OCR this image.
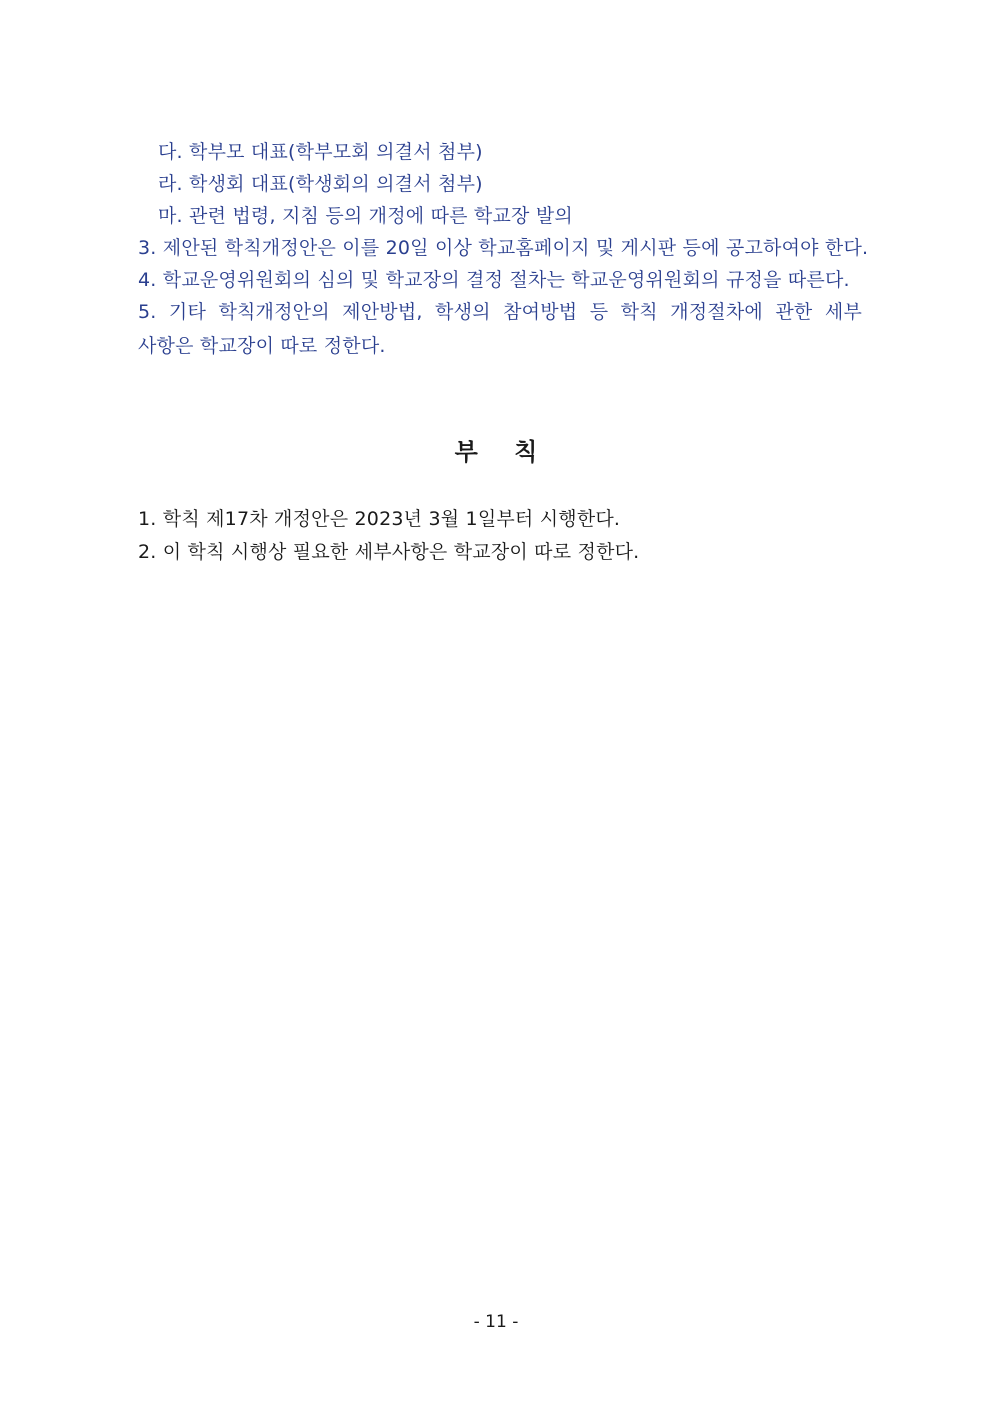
다. 학부모 대표(학부모회 의결서 첨부)
라. 학생회 대표(학생회의 의결서 첨부)
마. 관련 법령, 지침 등의 개정에 따른 학교장 발의
3. 제안된 학칙개정안은 이를 20일 이상 학교홈페이지 및 게시판 등에 공고하여야 한다.
4. 학교운영위원회의 심의 및 학교장의 결정 절차는 학교운영위원회의 규정을 따른다.
5. 기타 학칙개정안의 제안방법, 학생의 참여방법 등 학칙 개정절차에 관한 세부
사항은 학교장이 따로 정한다.
부 칙
1. 학칙 제17차 개정안은 2023년 3월 1일부터 시행한다.
2. 이 학칙 시행상 필요한 세부사항은 학교장이 따로 정한다.
- 11 -
